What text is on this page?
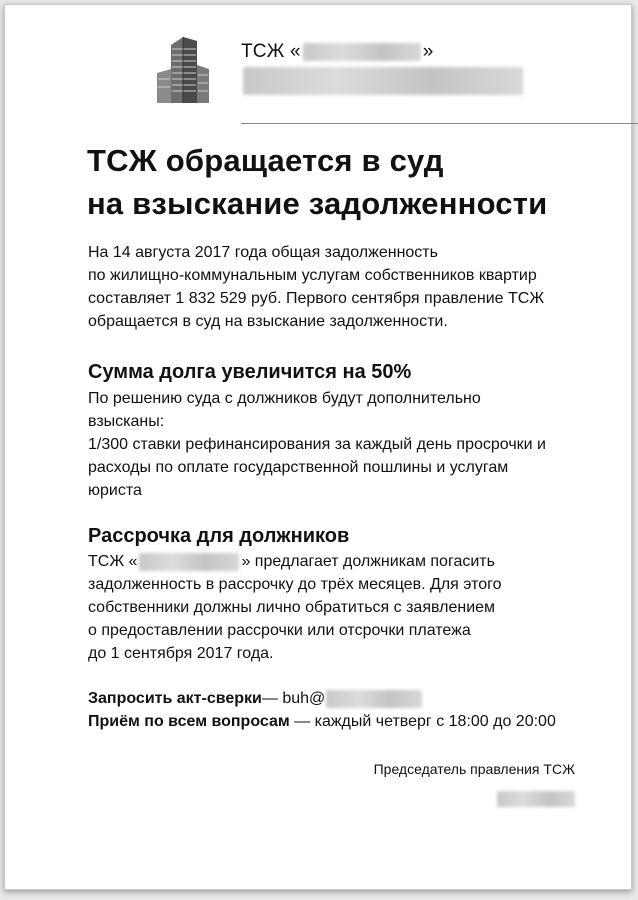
ТСЖ «	»
ТСЖ обращается в суд
на взыскание задолженности

На 14 августа 2017 года общая задолженность
по жилищно-коммунальным услугам собственников квартир
составляет 1 832 529 руб. Первого сентября правление ТСЖ
обращается в суд на взыскание задолженности.

Сумма долга увеличится на 50%

По решению суда с должников будут дополнительно
взысканы:
1/300 ставки рефинансирования за каждый день просрочки и
расходы по оплате государственной пошлины и услугам
юриста

Рассрочка для должников

ТСЖ «	» предлагает должникам погасить
задолженность в рассрочку до трёх месяцев. Для этого
собственники должны лично обратиться с заявлением
о предоставлении рассрочки или отсрочки платежа
до 1 сентября 2017 года.

Запросить акт-сверки — buh@
Приём по всем вопросам — каждый четверг с 18:00 до 20:00
Председатель правления ТСЖ
